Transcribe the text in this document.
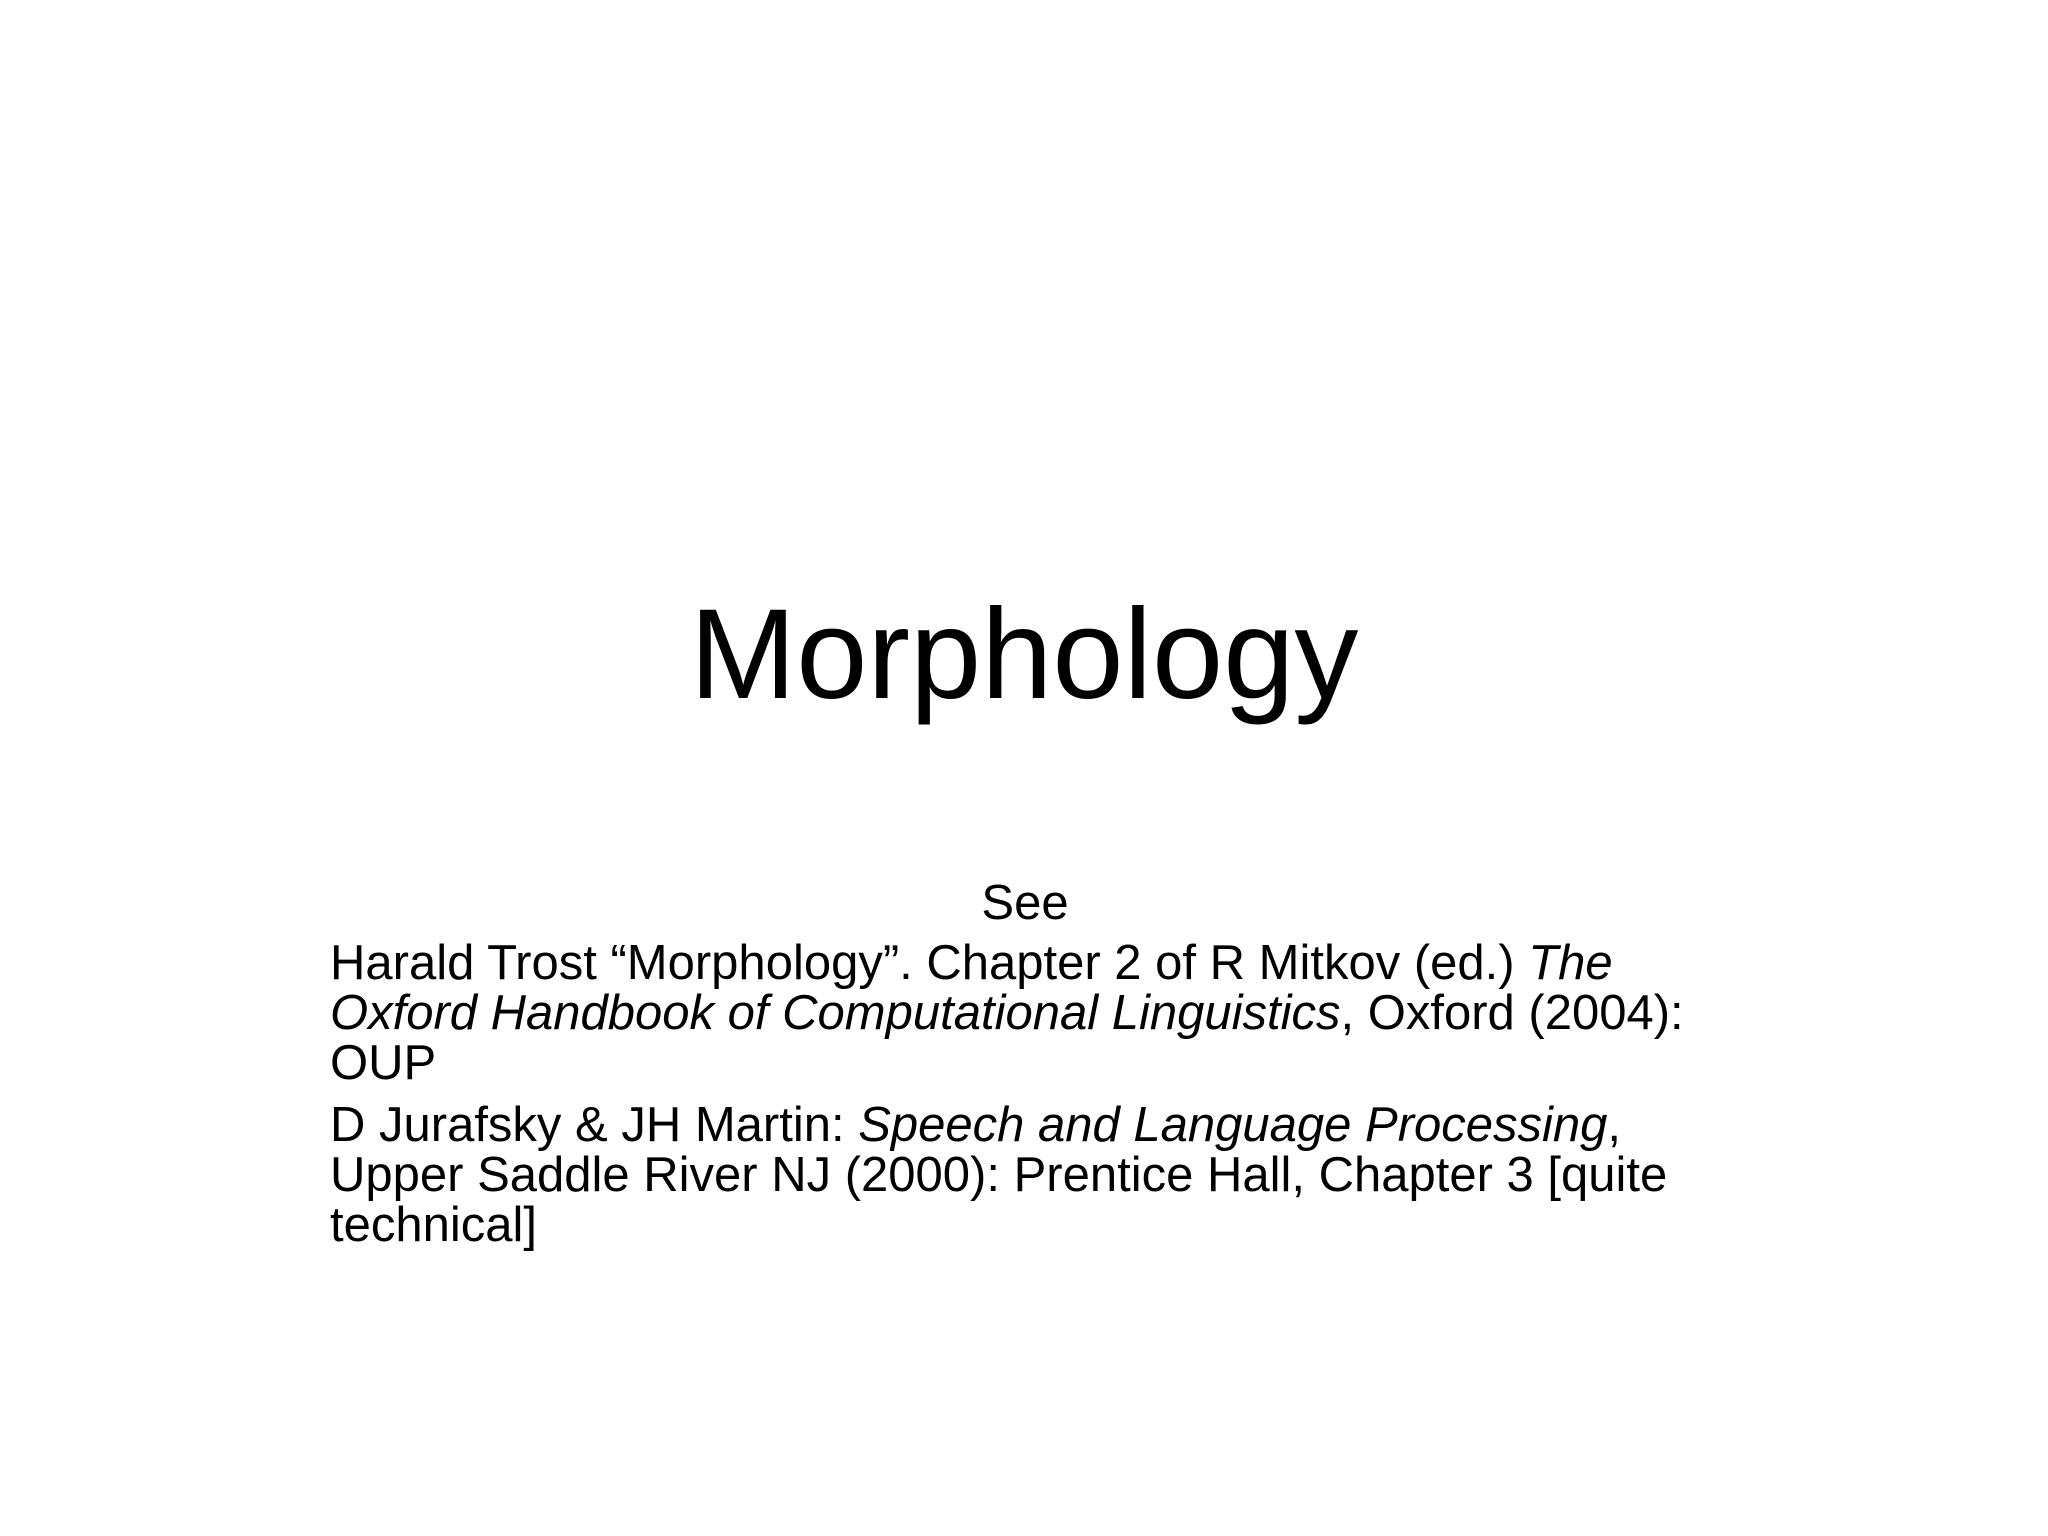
Morphology
See
Harald Trost “Morphology”. Chapter 2 of R Mitkov (ed.) The Oxford Handbook of Computational Linguistics, Oxford (2004): OUP
D Jurafsky & JH Martin: Speech and Language Processing, Upper Saddle River NJ (2000): Prentice Hall, Chapter 3 [quite technical]
